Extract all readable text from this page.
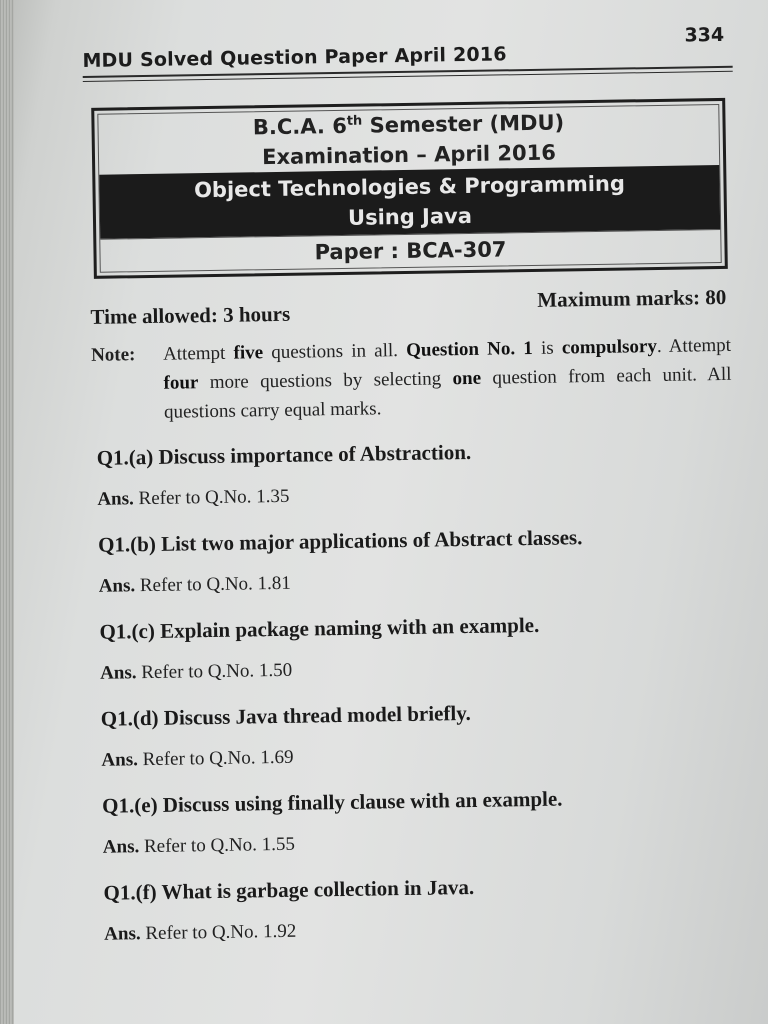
MDU Solved Question Paper April 2016
334
B.C.A. 6th Semester (MDU)
Examination – April 2016
Object Technologies & Programming
Using Java
Paper : BCA-307
Time allowed: 3 hours
Maximum marks: 80
Note:	Attempt five questions in all. Question No. 1 is compulsory. Attempt four more questions by selecting one question from each unit. All questions carry equal marks.
Q1.(a) Discuss importance of Abstraction.
Ans. Refer to Q.No. 1.35
Q1.(b) List two major applications of Abstract classes.
Ans. Refer to Q.No. 1.81
Q1.(c) Explain package naming with an example.
Ans. Refer to Q.No. 1.50
Q1.(d) Discuss Java thread model briefly.
Ans. Refer to Q.No. 1.69
Q1.(e) Discuss using finally clause with an example.
Ans. Refer to Q.No. 1.55
Q1.(f) What is garbage collection in Java.
Ans. Refer to Q.No. 1.92
